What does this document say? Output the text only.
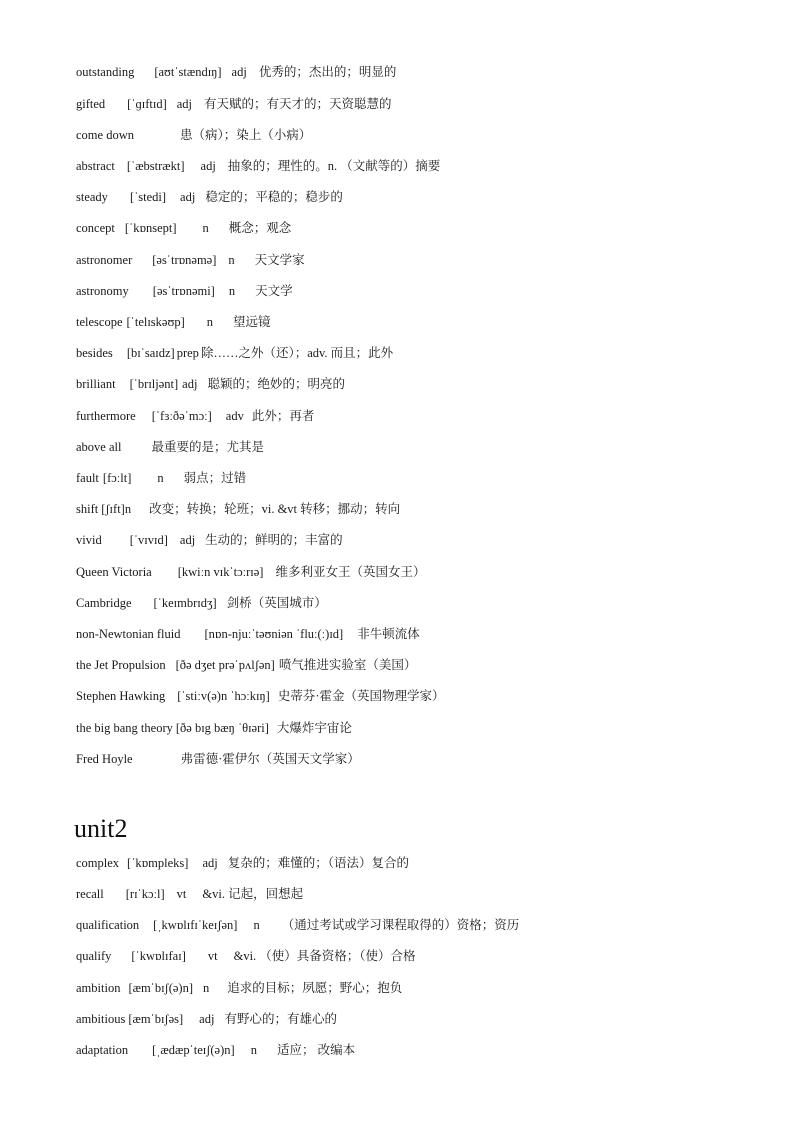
outstanding [aʊtˈstændɪŋ] adj 优秀的；杰出的；明显的
gifted [ˈɡɪftɪd] adj 有天赋的；有天才的；天资聪慧的
come down	患（病）；染上（小病）
abstract [ˈæbstrækt] adj 抽象的；理性的。n. （文献等的）摘要
steady [ˈstedi] adj 稳定的；平稳的；稳步的
concept [ˈkɒnsept] n 概念；观念
astronomer [əsˈtrɒnəmə] n 天文学家
astronomy [əsˈtrɒnəmi] n 天文学
telescope [ˈtelɪskəʊp] n 望远镜
besides [bɪˈsaɪdz] prep 除……之外（还）；adv. 而且；此外
brilliant [ˈbrɪljənt] adj 聪颖的；绝妙的；明亮的
furthermore [ˈfɜːðəˈmɔː] adv 此外；再者
above all 最重要的是；尤其是
fault [fɔːlt] n 弱点；过错
shift [ʃɪft]n 改变；转换；轮班；vi. &vt 转移；挪动；转向
vivid [ˈvɪvɪd] adj 生动的；鲜明的；丰富的
Queen Victoria [kwiːn vɪkˈtɔːrɪə] 维多利亚女王（英国女王）
Cambridge [ˈkeɪmbrɪdʒ] 剑桥（英国城市）
non-Newtonian fluid [nɒn-njuːˈtəʊniən ˈfluː(ː)ɪd] 非牛顿流体
the Jet Propulsion [ðə dʒet prəˈpʌlʃən] 喷气推进实验室（美国）
Stephen Hawking [ˈstiːv(ə)n ˈhɔːkɪŋ] 史蒂芬·霍金（英国物理学家）
the big bang theory [ðə bɪg bæŋ ˈθɪəri] 大爆炸宇宙论
Fred Hoyle	弗雷德·霍伊尔（英国天文学家）
unit2
complex [ˈkɒmpleks] adj 复杂的；难懂的；（语法）复合的
recall [rɪˈkɔːl] vt &vi. 记起，回想起
qualification [ˌkwɒlɪfɪˈkeɪʃən] n （通过考试或学习课程取得的）资格；资历
qualify [ˈkwɒlɪfaɪ] vt &vi. （使）具备资格；（使）合格
ambition [æmˈbɪʃ(ə)n] n 追求的目标；夙愿；野心；抱负
ambitious [æmˈbɪʃəs] adj 有野心的；有雄心的
adaptation [ˌædæpˈteɪʃ(ə)n] n 适应； 改编本
